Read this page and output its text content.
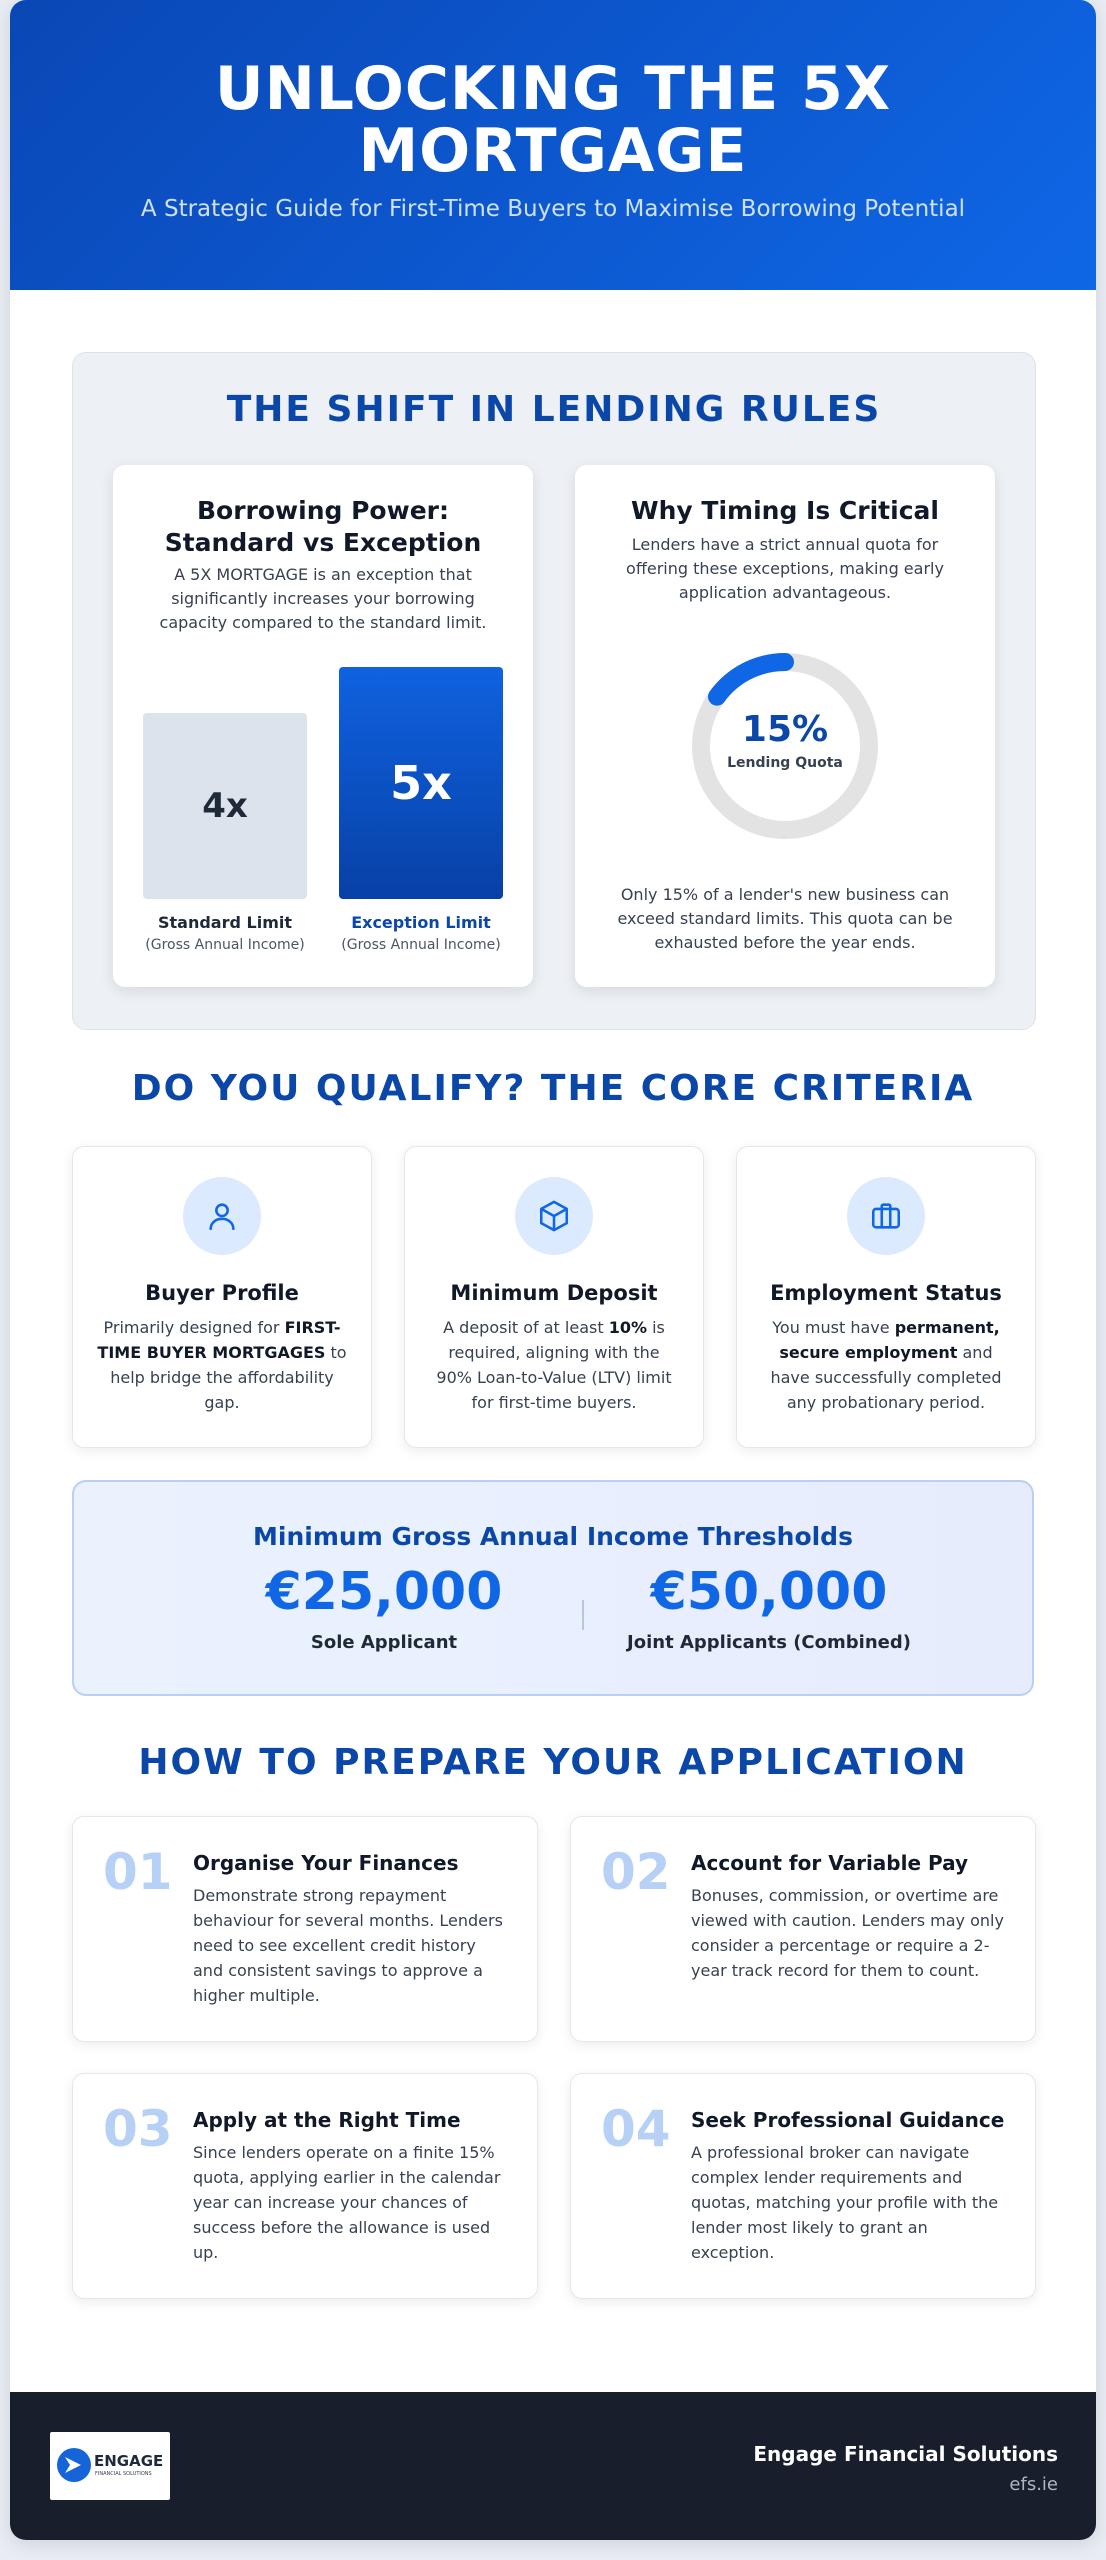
UNLOCKING THE 5X MORTGAGE

A Strategic Guide for First-Time Buyers to Maximise Borrowing Potential

THE SHIFT IN LENDING RULES
Borrowing Power: Standard vs Exception

A 5X MORTGAGE is an exception that significantly increases your borrowing capacity compared to the standard limit.

4x	5x
Standard Limit
(Gross Annual Income)
Exception Limit
(Gross Annual Income)
Why Timing Is Critical

Lenders have a strict annual quota for offering these exceptions, making early application advantageous.

15%
Lending Quota

Only 15% of a lender's new business can exceed standard limits. This quota can be exhausted before the year ends.

DO YOU QUALIFY? THE CORE CRITERIA
Buyer Profile

Primarily designed for FIRST-TIME BUYER MORTGAGES to help bridge the affordability gap.

Minimum Deposit

A deposit of at least 10% is required, aligning with the 90% Loan-to-Value (LTV) limit for first-time buyers.

Employment Status

You must have permanent, secure employment and have successfully completed any probationary period.

Minimum Gross Annual Income Thresholds
€25,000
Sole Applicant
€50,000
Joint Applicants (Combined)
HOW TO PREPARE YOUR APPLICATION
01 Organise Your Finances

Demonstrate strong repayment behaviour for several months. Lenders need to see excellent credit history and consistent savings to approve a higher multiple.

02 Account for Variable Pay

Bonuses, commission, or overtime are viewed with caution. Lenders may only consider a percentage or require a 2-year track record for them to count.

03 Apply at the Right Time

Since lenders operate on a finite 15% quota, applying earlier in the calendar year can increase your chances of success before the allowance is used up.

04 Seek Professional Guidance

A professional broker can navigate complex lender requirements and quotas, matching your profile with the lender most likely to grant an exception.

ENGAGE
FINANCIAL SOLUTIONS
Engage Financial Solutions
efs.ie
